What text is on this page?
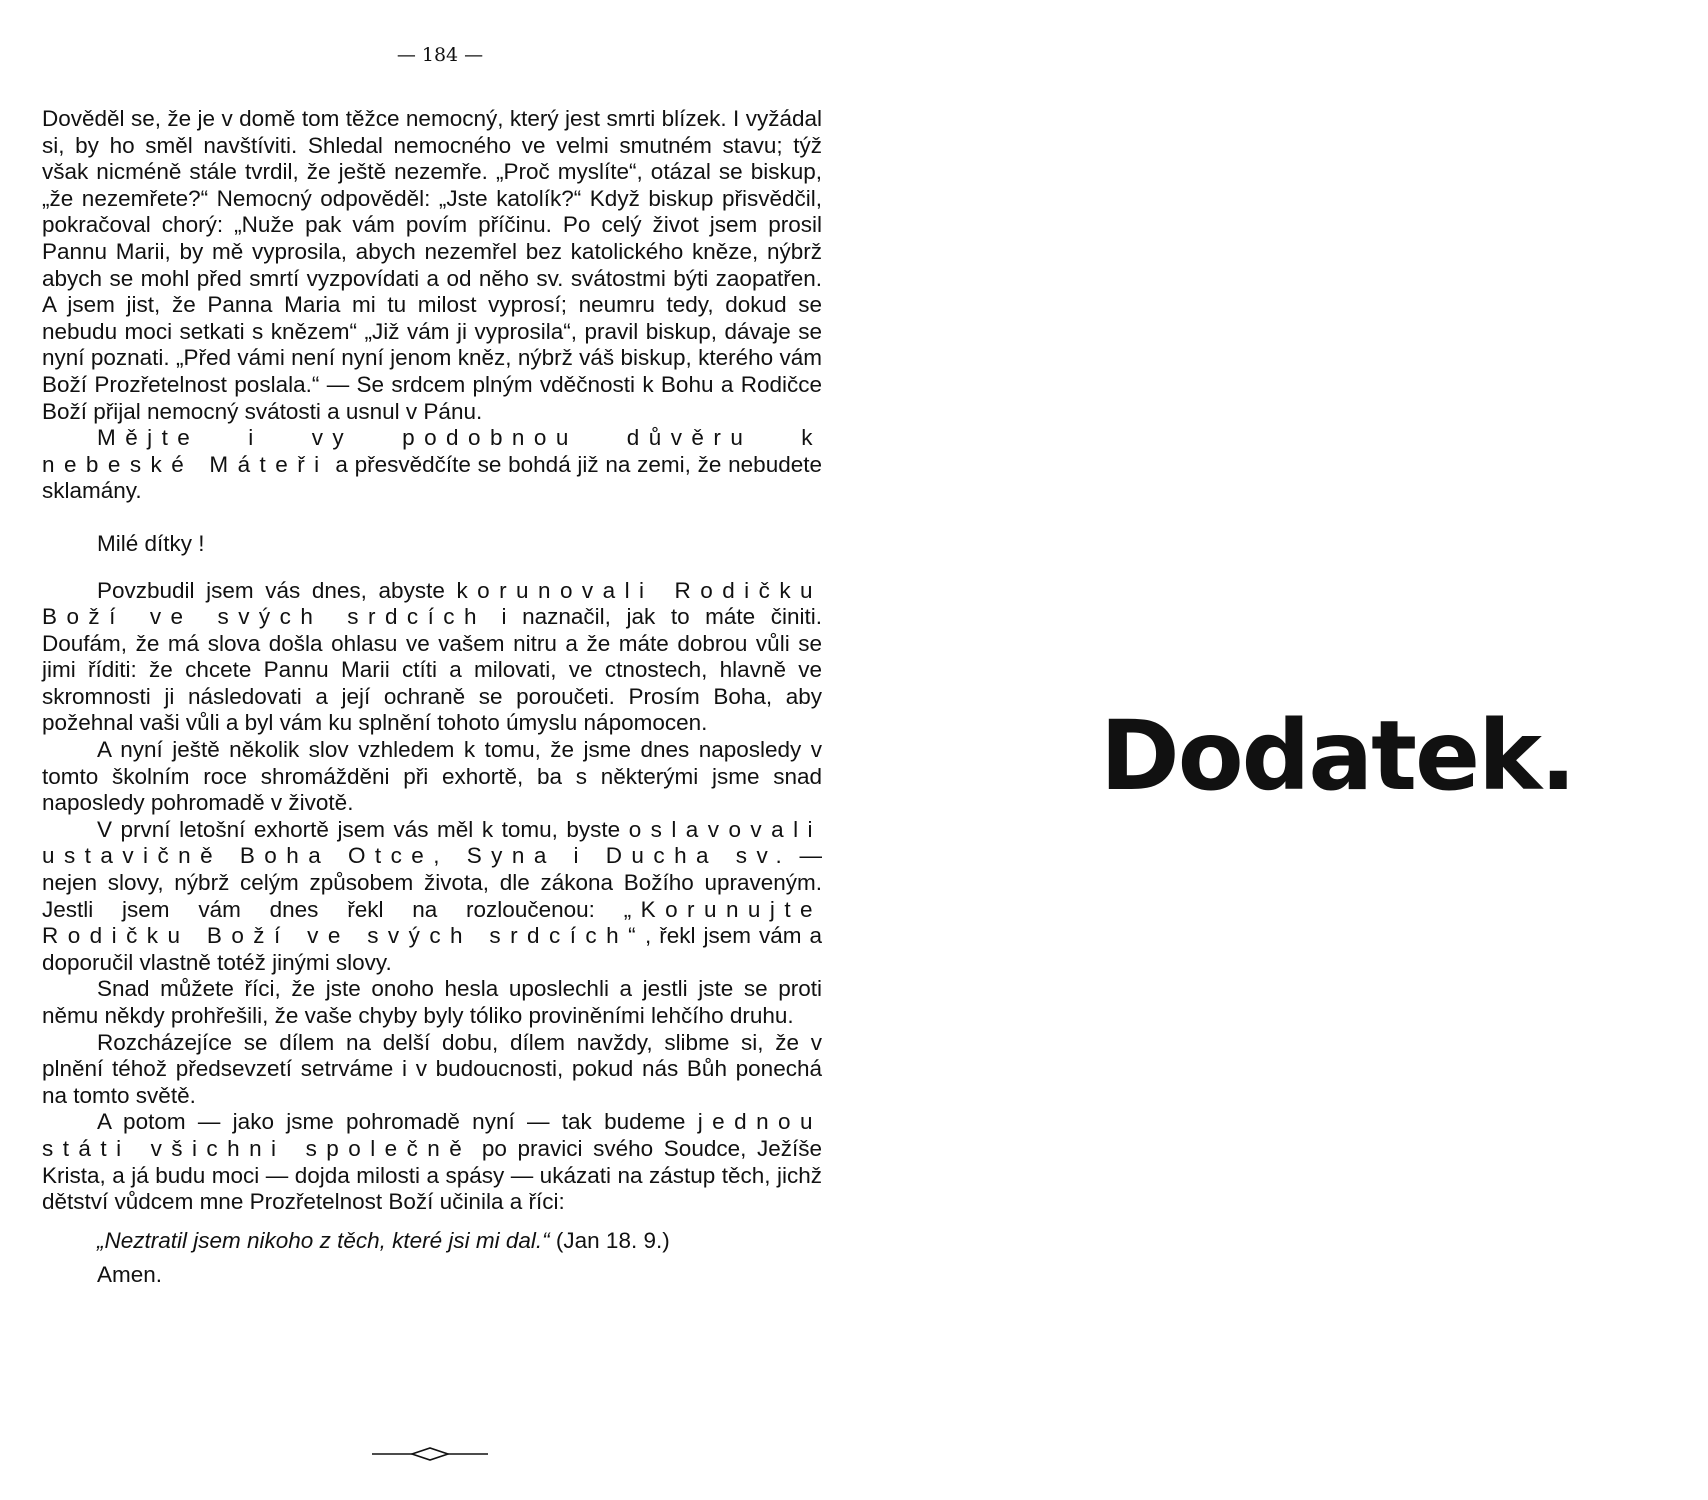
— 184 —

Dověděl se, že je v domě tom těžce nemocný, který jest smrti blízek. I vyžádal si, by ho směl navštíviti. Shledal nemocného ve velmi smutném stavu; týž však nicméně stále tvrdil, že ještě nezemře. „Proč myslíte“, otázal se biskup, „že nezemřete?“ Nemocný odpověděl: „Jste katolík?“ Když biskup přisvědčil, pokračoval chorý: „Nuže pak vám povím příčinu. Po celý život jsem prosil Pannu Marii, by mě vyprosila, abych nezemřel bez katolického kněze, nýbrž abych se mohl před smrtí vyzpovídati a od něho sv. svátostmi býti zaopatřen. A jsem jist, že Panna Maria mi tu milost vyprosí; neumru tedy, dokud se nebudu moci setkati s knězem“ „Již vám ji vyprosila“, pravil biskup, dávaje se nyní poznati. „Před vámi není nyní jenom kněz, nýbrž váš biskup, kterého vám Boží Prozřetelnost poslala.“ — Se srdcem plným vděčnosti k Bohu a Rodičce Boží přijal nemocný svátosti a usnul v Pánu.

Mějte i vy podobnou důvěru k nebeské Máteři a přesvědčíte se bohdá již na zemi, že nebudete sklamány.

Milé dítky !

Povzbudil jsem vás dnes, abyste korunovali Rodičku Boží ve svých srdcích i naznačil, jak to máte činiti. Doufám, že má slova došla ohlasu ve vašem nitru a že máte dobrou vůli se jimi říditi: že chcete Pannu Marii ctíti a milovati, ve ctnostech, hlavně ve skromnosti ji následovati a její ochraně se poroučeti. Prosím Boha, aby požehnal vaši vůli a byl vám ku splnění tohoto úmyslu nápomocen.

A nyní ještě několik slov vzhledem k tomu, že jsme dnes naposledy v tomto školním roce shromážděni při exhortě, ba s některými jsme snad naposledy pohromadě v životě.

V první letošní exhortě jsem vás měl k tomu, byste oslavovali ustavičně Boha Otce, Syna i Ducha sv. — nejen slovy, nýbrž celým způsobem života, dle zákona Božího upraveným. Jestli jsem vám dnes řekl na rozloučenou: „Korunujte Rodičku Boží ve svých srdcích“, řekl jsem vám a doporučil vlastně totéž jinými slovy.

Snad můžete říci, že jste onoho hesla uposlechli a jestli jste se proti němu někdy prohřešili, že vaše chyby byly tóliko proviněními lehčího druhu.

Rozcházejíce se dílem na delší dobu, dílem navždy, slibme si, že v plnění téhož předsevzetí setrváme i v budoucnosti, pokud nás Bůh ponechá na tomto světě.

A potom — jako jsme pohromadě nyní — tak budeme jednou státi všichni společně po pravici svého Soudce, Ježíše Krista, a já budu moci — dojda milosti a spásy — ukázati na zástup těch, jichž dětství vůdcem mne Prozřetelnost Boží učinila a říci:

„Neztratil jsem nikoho z těch, které jsi mi dal.“ (Jan 18. 9.)

Amen.

Dodatek.
